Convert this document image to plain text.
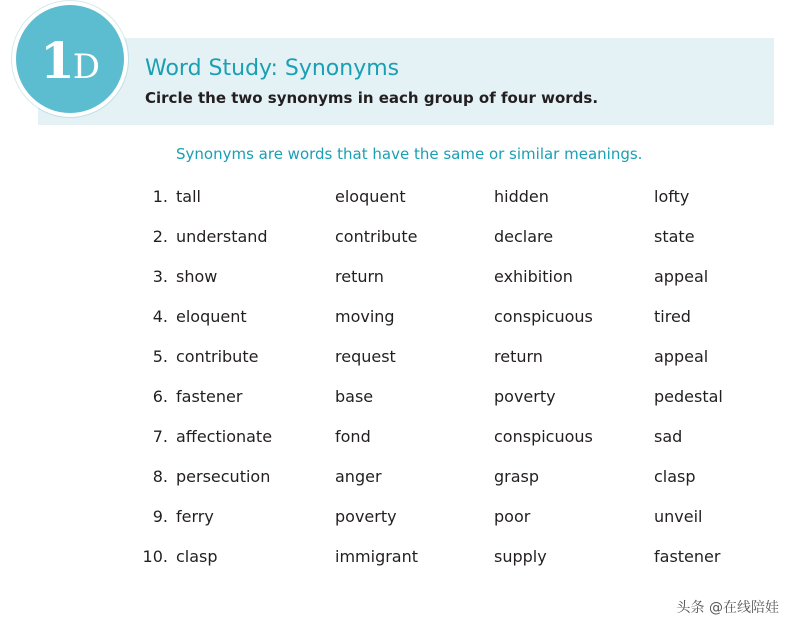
1D	Word Study: Synonyms
Circle the two synonyms in each group of four words.
Synonyms are words that have the same or similar meanings.
1. tall	eloquent	hidden	lofty
2. understand	contribute	declare	state
3. show	return	exhibition	appeal
4. eloquent	moving	conspicuous	tired
5. contribute	request	return	appeal
6. fastener	base	poverty	pedestal
7. affectionate	fond	conspicuous	sad
8. persecution	anger	grasp	clasp
9. ferry	poverty	poor	unveil
10. clasp	immigrant	supply	fastener
头条 @在线陪娃
